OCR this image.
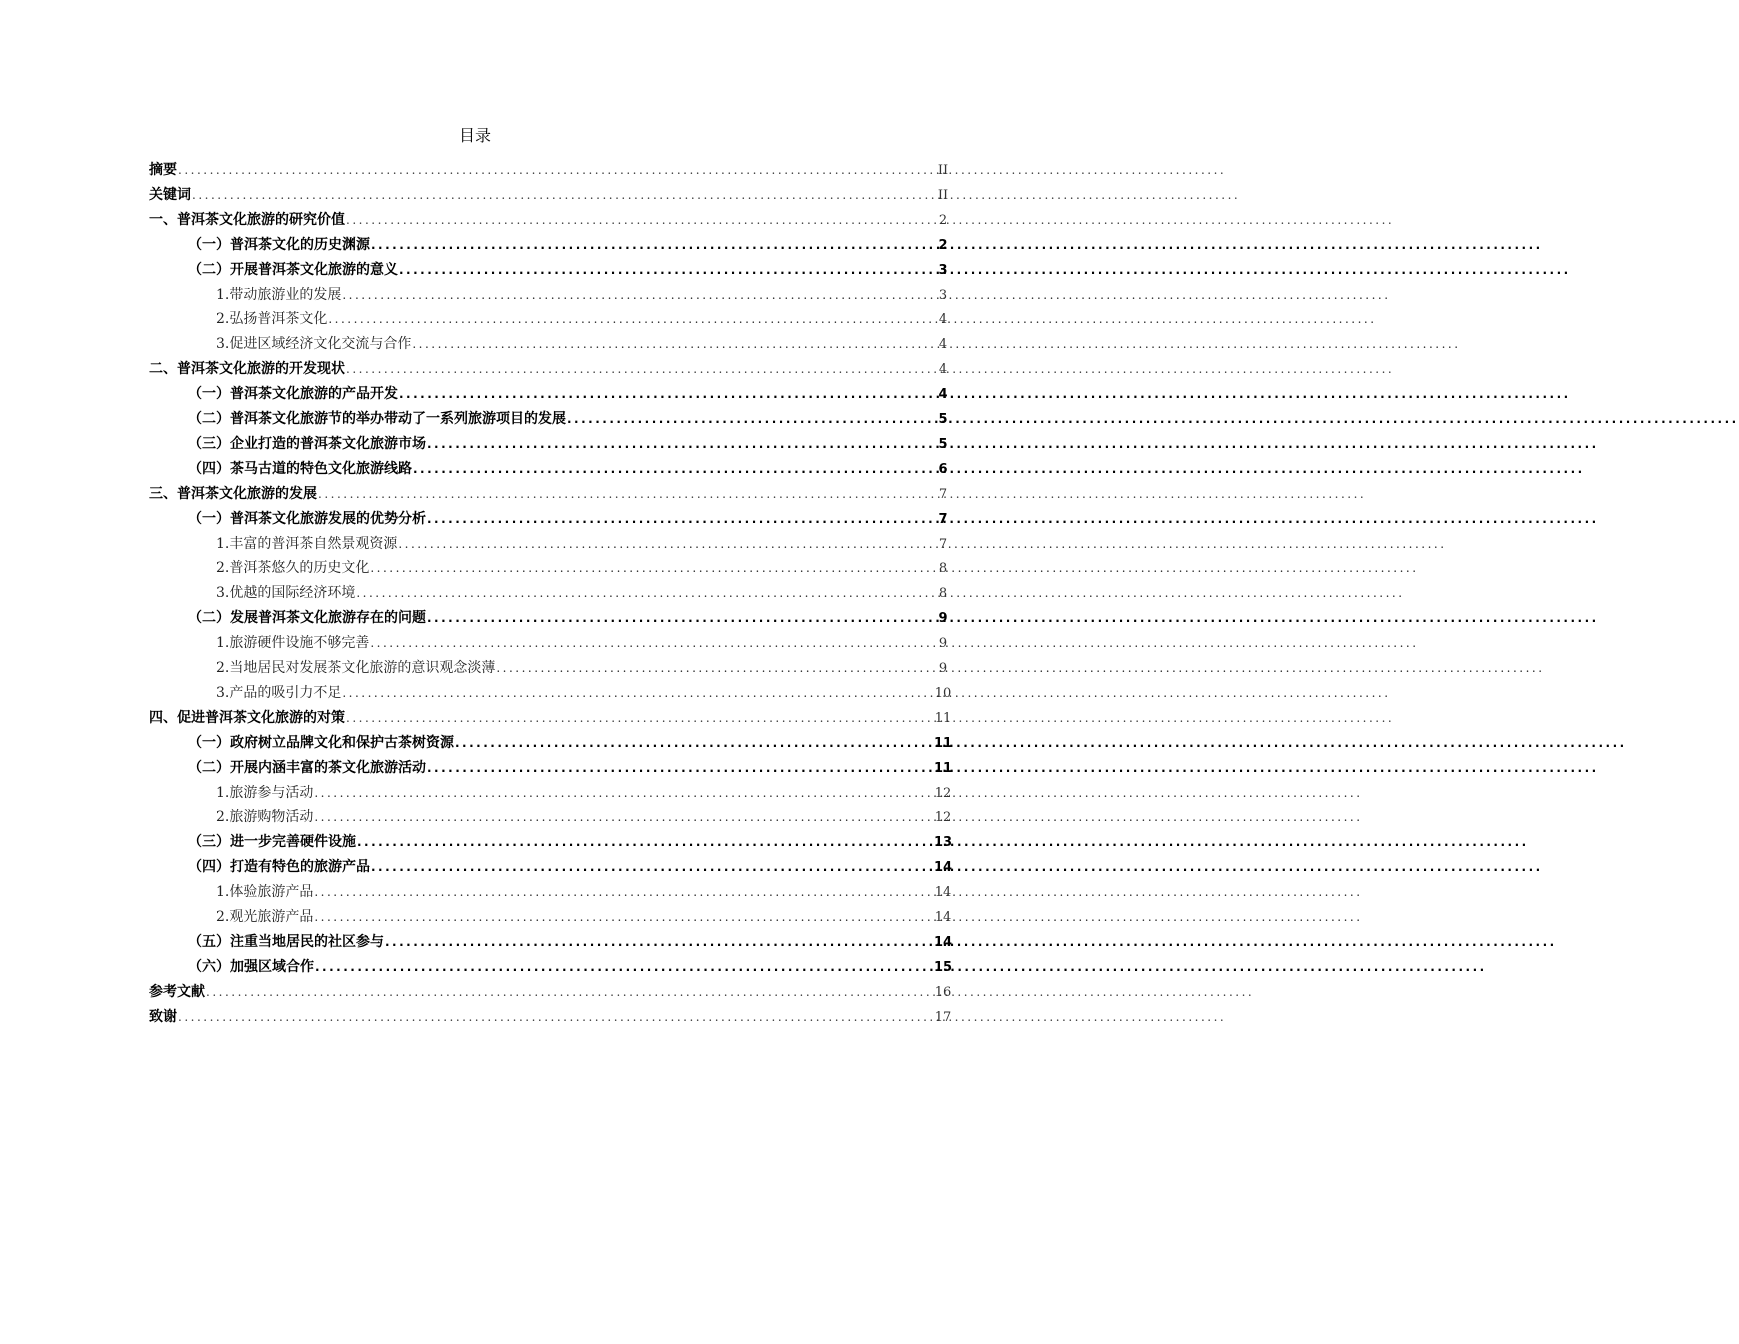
目录
摘要 .....	II
关键词 .....	II
一、普洱茶文化旅游的研究价值 .....	2
（一）普洱茶文化的历史渊源 .....	2
（二）开展普洱茶文化旅游的意义 .....	3
1.带动旅游业的发展 .....	3
2.弘扬普洱茶文化 .....	4
3.促进区域经济文化交流与合作 .....	4
二、普洱茶文化旅游的开发现状 .....	4
（一）普洱茶文化旅游的产品开发 .....	4
（二）普洱茶文化旅游节的举办带动了一系列旅游项目的发展 .....	5
（三）企业打造的普洱茶文化旅游市场 .....	5
（四）茶马古道的特色文化旅游线路 .....	6
三、普洱茶文化旅游的发展 .....	7
（一）普洱茶文化旅游发展的优势分析 .....	7
1.丰富的普洱茶自然景观资源 .....	7
2.普洱茶悠久的历史文化 .....	8
3.优越的国际经济环境 .....	8
（二）发展普洱茶文化旅游存在的问题 .....	9
1.旅游硬件设施不够完善 .....	9
2.当地居民对发展茶文化旅游的意识观念淡薄 .....	9
3.产品的吸引力不足 .....	10
四、促进普洱茶文化旅游的对策 .....	11
（一）政府树立品牌文化和保护古茶树资源 .....	11
（二）开展内涵丰富的茶文化旅游活动 .....	11
1.旅游参与活动 .....	12
2.旅游购物活动 .....	12
（三）进一步完善硬件设施 .....	13
（四）打造有特色的旅游产品 .....	14
1.体验旅游产品 .....	14
2.观光旅游产品 .....	14
（五）注重当地居民的社区参与 .....	14
（六）加强区域合作 .....	15
参考文献 .....	16
致谢 .....	17
